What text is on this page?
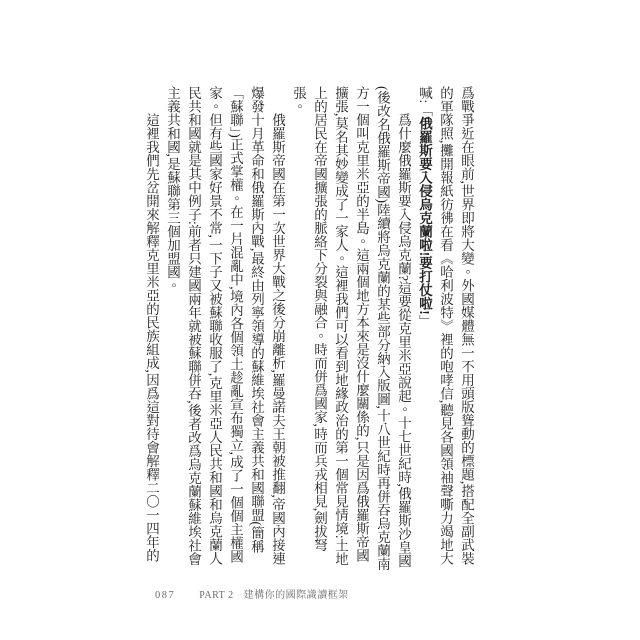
爲戰爭近在眼前,世界即將大變。外國媒體無一不用頭版聳動的標題,搭配全副武裝的軍隊照,攤開報紙彷彿在看《哈利波特》裡的咆哮信,聽見各國領袖聲嘶力竭地大喊:「俄羅斯要入侵烏克蘭啦!要打仗啦!」

爲什麼俄羅斯要入侵烏克蘭?這要從克里米亞說起。十七世紀時,俄羅斯沙皇國(後改名俄羅斯帝國)陸續將烏克蘭的某些部分納入版圖,十八世紀時再併吞烏克蘭南方一個叫克里米亞的半島。這兩個地方本來是沒什麼關係的,只是因爲俄羅斯帝國擴張,莫名其妙變成了一家人。這裡我們可以看到地緣政治的第一個常見情境:土地上的居民在帝國擴張的脈絡下分裂與融合。時而併爲國家,時而兵戎相見,劍拔弩張。

俄羅斯帝國在第一次世界大戰之後分崩離析,羅曼諾夫王朝被推翻,帝國內接連爆發十月革命和俄羅斯內戰,最終由列寧領導的蘇維埃社會主義共和國聯盟(簡稱「蘇聯」)正式掌權。在一片混亂中,境內各個領土趁亂宣布獨立,成了一個個主權國家。但有些國家好景不常,一下子又被蘇聯收服了,克里米亞人民共和國和烏克蘭人民共和國就是其中例子:前者只建國兩年就被蘇聯併吞,後者改爲烏克蘭蘇維埃社會主義共和國,是蘇聯第三個加盟國。

這裡我們先岔開來解釋克里米亞的民族組成,因爲這對待會解釋二〇一四年的

087 PART 2 建構你的國際識讀框架
